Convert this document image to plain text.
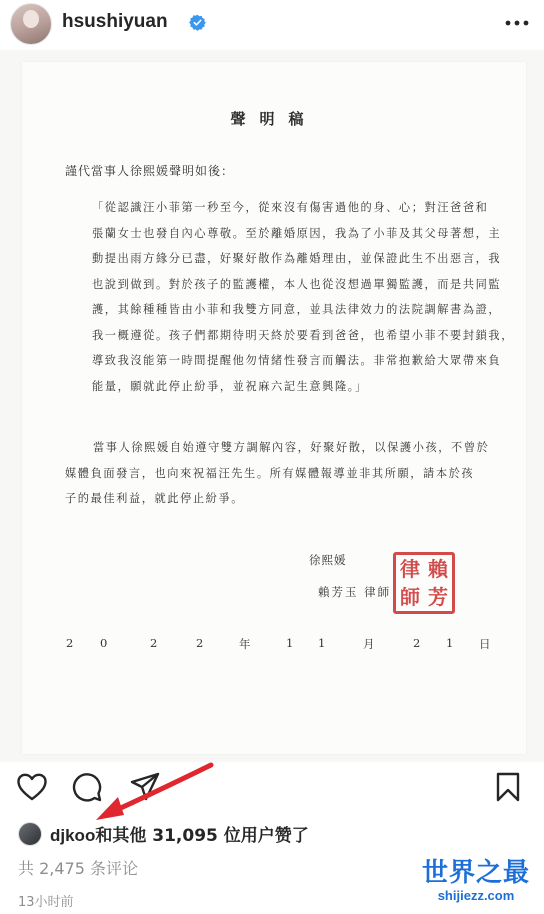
hsushiyuan
聲明稿
謹代當事人徐熙媛聲明如後：
「從認識汪小菲第一秒至今，從來沒有傷害過他的身、心；對汪爸爸和
張蘭女士也發自內心尊敬。至於離婚原因，我為了小菲及其父母著想，主
動提出雨方緣分已盡，好聚好散作為離婚理由，並保證此生不出惡言，我
也說到做到。對於孩子的監護權，本人也從沒想過單獨監護，而是共同監
護，其餘種種皆由小菲和我雙方同意，並具法律效力的法院調解書為證，
我一概遵從。孩子們都期待明天終於要看到爸爸，也希望小菲不要封鎖我，
導致我沒能第一時間提醒他勿情緒性發言而觸法。非常抱歉給大眾帶來負
能量，願就此停止紛爭，並祝麻六記生意興隆。」
當事人徐熙媛自始遵守雙方調解內容，好聚好散，以保護小孩，不曾於
媒體負面發言，也向來祝福汪先生。所有媒體報導並非其所願，請本於孩
子的最佳利益，就此停止紛爭。
徐熙媛
賴芳玉 律師
律 賴
師 芳
2 0	2	2	年	1 1	月	2 1 日
djkoo和其他 31,095 位用户赞了
共 2,475 条评论
13小时前
世界之最
shijiezz.com
